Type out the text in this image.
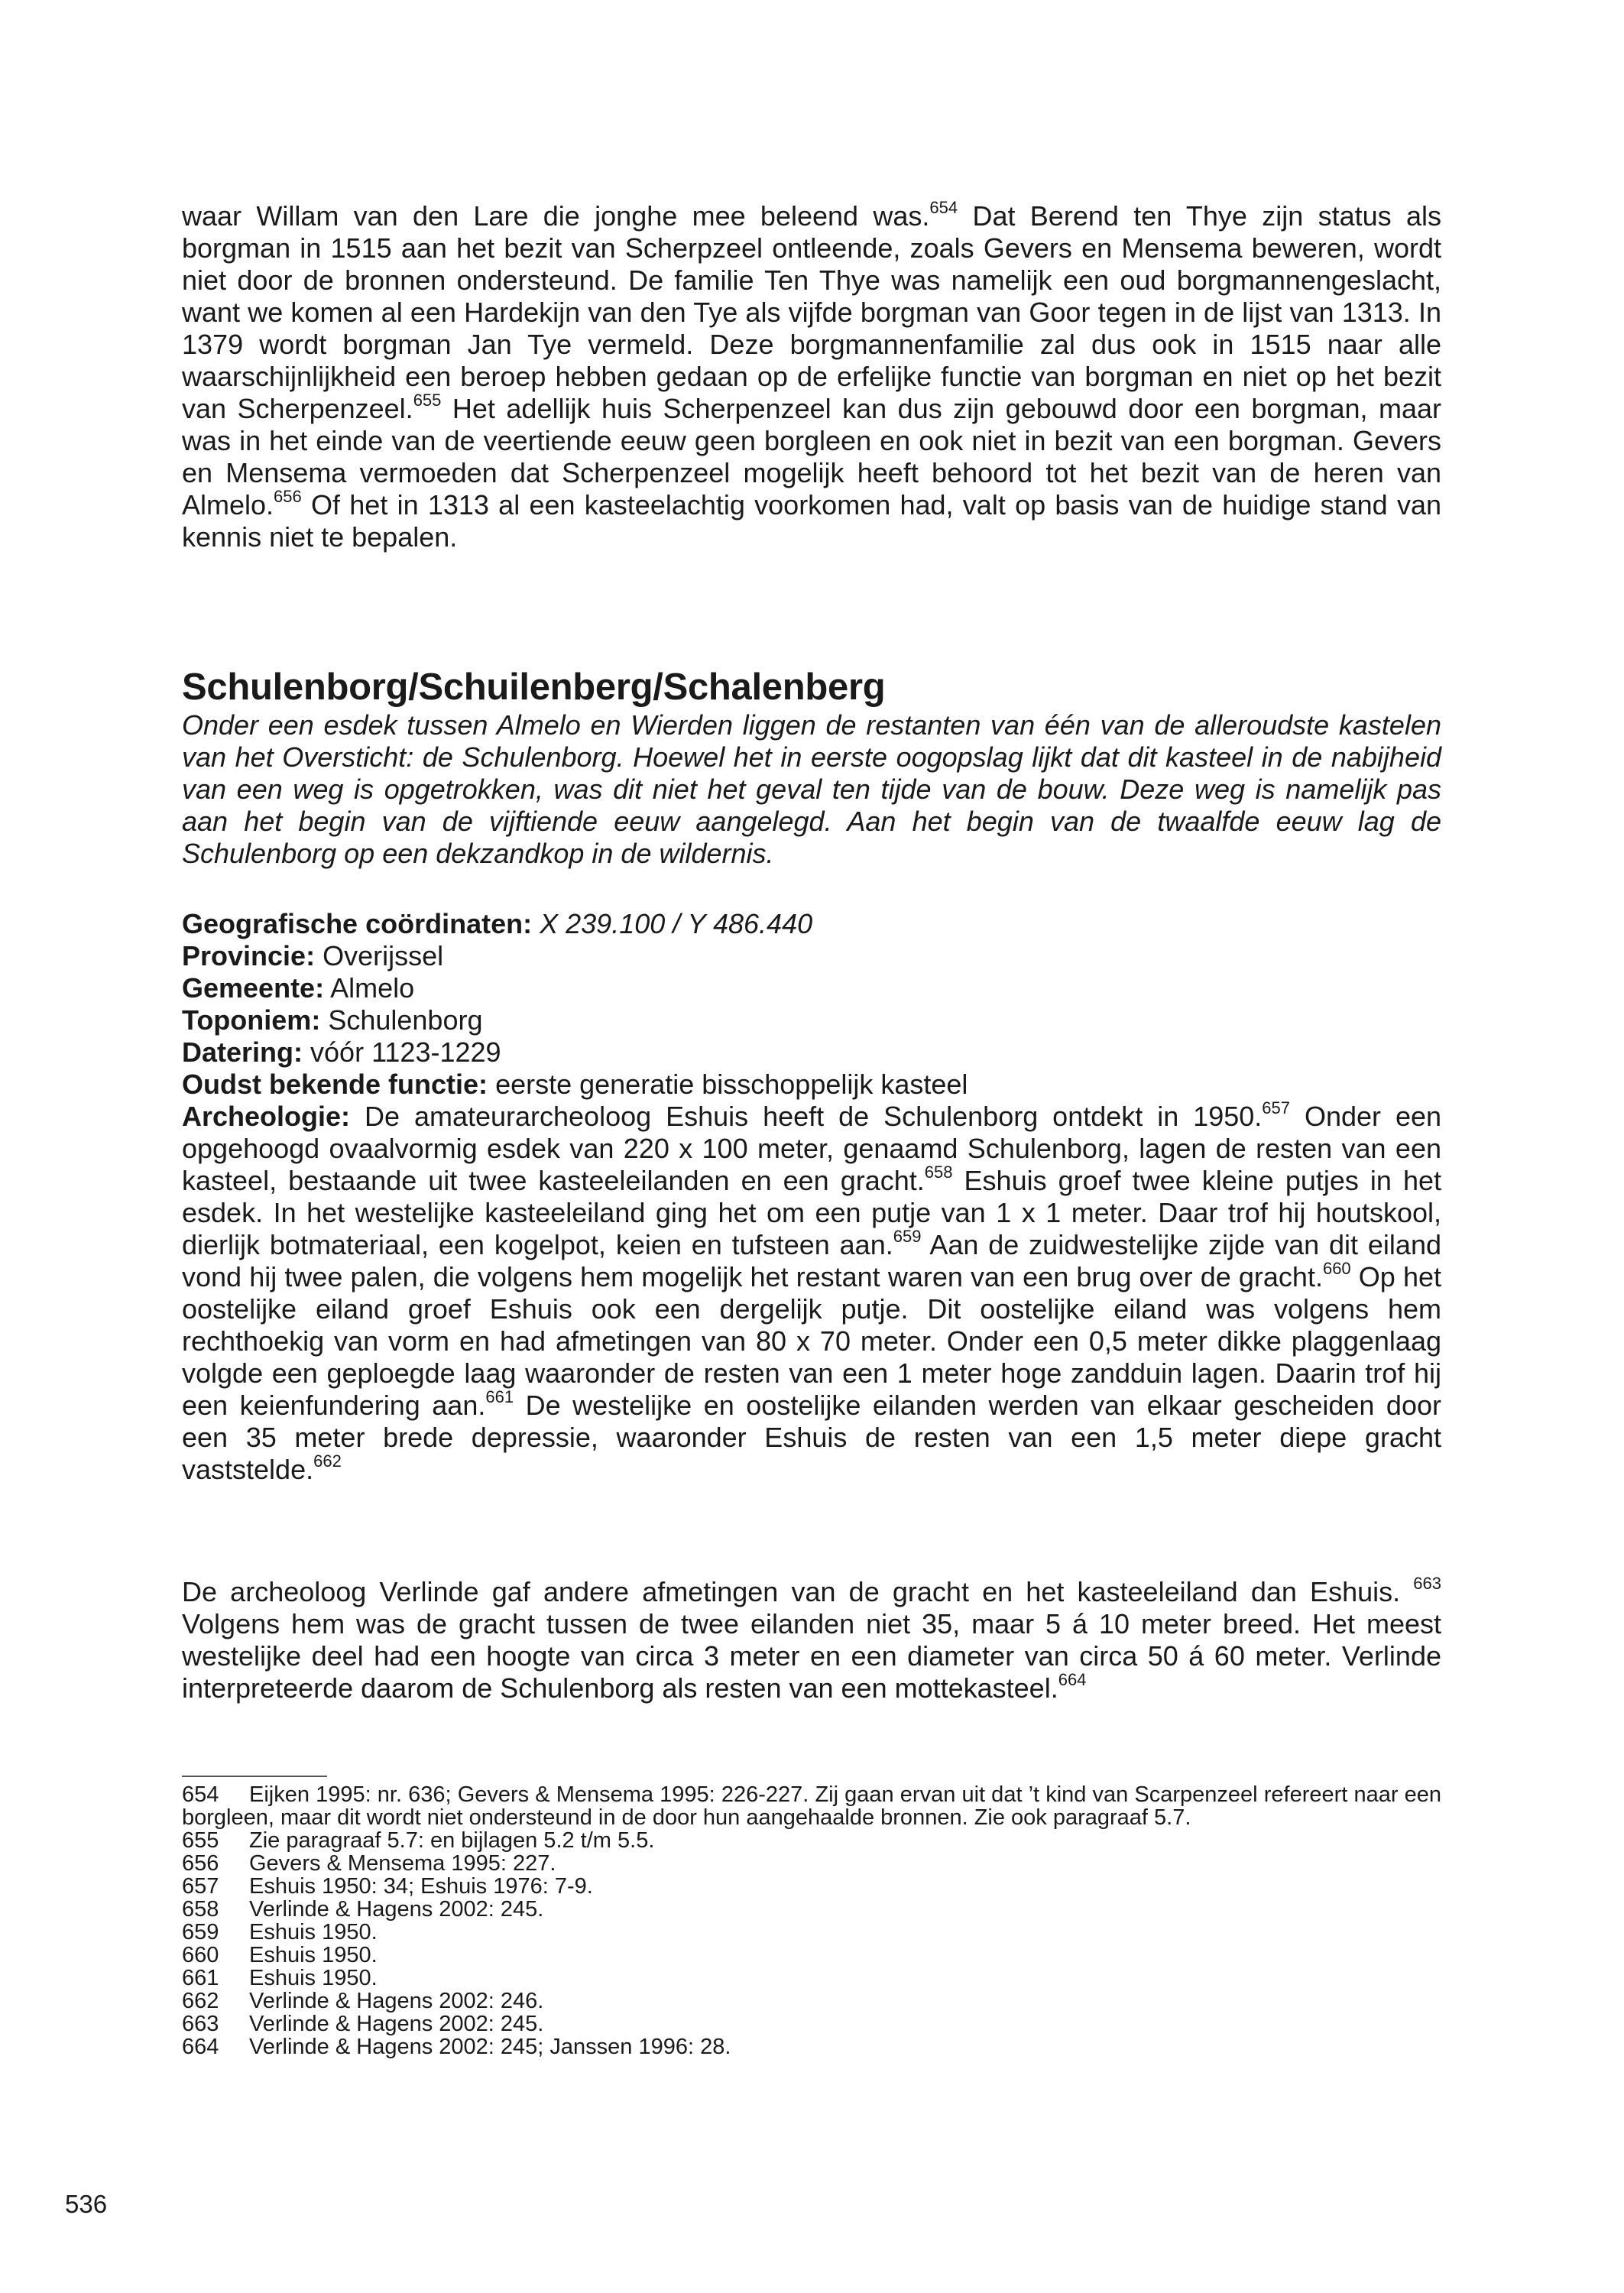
waar Willam van den Lare die jonghe mee beleend was.$^{654}$ Dat Berend ten Thye zijn status als borgman in 1515 aan het bezit van Scherpzeel ontleende, zoals Gevers en Mensema beweren, wordt niet door de bronnen ondersteund. De familie Ten Thye was namelijk een oud borgmannengeslacht, want we komen al een Hardekijn van den Tye als vijfde borgman van Goor tegen in de lijst van 1313. In 1379 wordt borgman Jan Tye vermeld. Deze borgmannenfamilie zal dus ook in 1515 naar alle waarschijnlijkheid een beroep hebben gedaan op de erfelijke functie van borgman en niet op het bezit van Scherpenzeel.$^{655}$ Het adellijk huis Scherpenzeel kan dus zijn gebouwd door een borgman, maar was in het einde van de veertiende eeuw geen borgleen en ook niet in bezit van een borgman. Gevers en Mensema vermoeden dat Scherpenzeel mogelijk heeft behoord tot het bezit van de heren van Almelo.$^{656}$ Of het in 1313 al een kasteelachtig voorkomen had, valt op basis van de huidige stand van kennis niet te bepalen.

Schulenborg/Schuilenberg/Schalenberg

Onder een esdek tussen Almelo en Wierden liggen de restanten van één van de alleroudste kastelen van het Oversticht: de Schulenborg. Hoewel het in eerste oogopslag lijkt dat dit kasteel in de nabijheid van een weg is opgetrokken, was dit niet het geval ten tijde van de bouw. Deze weg is namelijk pas aan het begin van de vijftiende eeuw aangelegd. Aan het begin van de twaalfde eeuw lag de Schulenborg op een dekzandkop in de wildernis.

Geografische coördinaten: X 239.100 / Y 486.440

Provincie: Overijssel

Gemeente: Almelo

Toponiem: Schulenborg

Datering: vóór 1123-1229

Oudst bekende functie: eerste generatie bisschoppelijk kasteel

Archeologie: De amateurarcheoloog Eshuis heeft de Schulenborg ontdekt in 1950.$^{657}$ Onder een opgehoogd ovaalvormig esdek van 220 x 100 meter, genaamd Schulenborg, lagen de resten van een kasteel, bestaande uit twee kasteeleilanden en een gracht.$^{658}$ Eshuis groef twee kleine putjes in het esdek. In het westelijke kasteeleiland ging het om een putje van 1 x 1 meter. Daar trof hij houtskool, dierlijk botmateriaal, een kogelpot, keien en tufsteen aan.$^{659}$ Aan de zuidwestelijke zijde van dit eiland vond hij twee palen, die volgens hem mogelijk het restant waren van een brug over de gracht.$^{660}$ Op het oostelijke eiland groef Eshuis ook een dergelijk putje. Dit oostelijke eiland was volgens hem rechthoekig van vorm en had afmetingen van 80 x 70 meter. Onder een 0,5 meter dikke plaggenlaag volgde een geploegde laag waaronder de resten van een 1 meter hoge zandduin lagen. Daarin trof hij een keienfundering aan.$^{661}$ De westelijke en oostelijke eilanden werden van elkaar gescheiden door een 35 meter brede depressie, waaronder Eshuis de resten van een 1,5 meter diepe gracht vaststelde.$^{662}$

De archeoloog Verlinde gaf andere afmetingen van de gracht en het kasteeleiland dan Eshuis. $^{663}$ Volgens hem was de gracht tussen de twee eilanden niet 35, maar 5 á 10 meter breed. Het meest westelijke deel had een hoogte van circa 3 meter en een diameter van circa 50 á 60 meter. Verlinde interpreteerde daarom de Schulenborg als resten van een mottekasteel.$^{664}$

654 Eijken 1995: nr. 636; Gevers & Mensema 1995: 226-227. Zij gaan ervan uit dat ’t kind van Scarpenzeel refereert naar een borgleen, maar dit wordt niet ondersteund in de door hun aangehaalde bronnen. Zie ook paragraaf 5.7.

655 Zie paragraaf 5.7: en bijlagen 5.2 t/m 5.5.

656 Gevers & Mensema 1995: 227.

657 Eshuis 1950: 34; Eshuis 1976: 7-9.

658 Verlinde & Hagens 2002: 245.

659 Eshuis 1950.

660 Eshuis 1950.

661 Eshuis 1950.

662 Verlinde & Hagens 2002: 246.

663 Verlinde & Hagens 2002: 245.

664 Verlinde & Hagens 2002: 245; Janssen 1996: 28.

536
